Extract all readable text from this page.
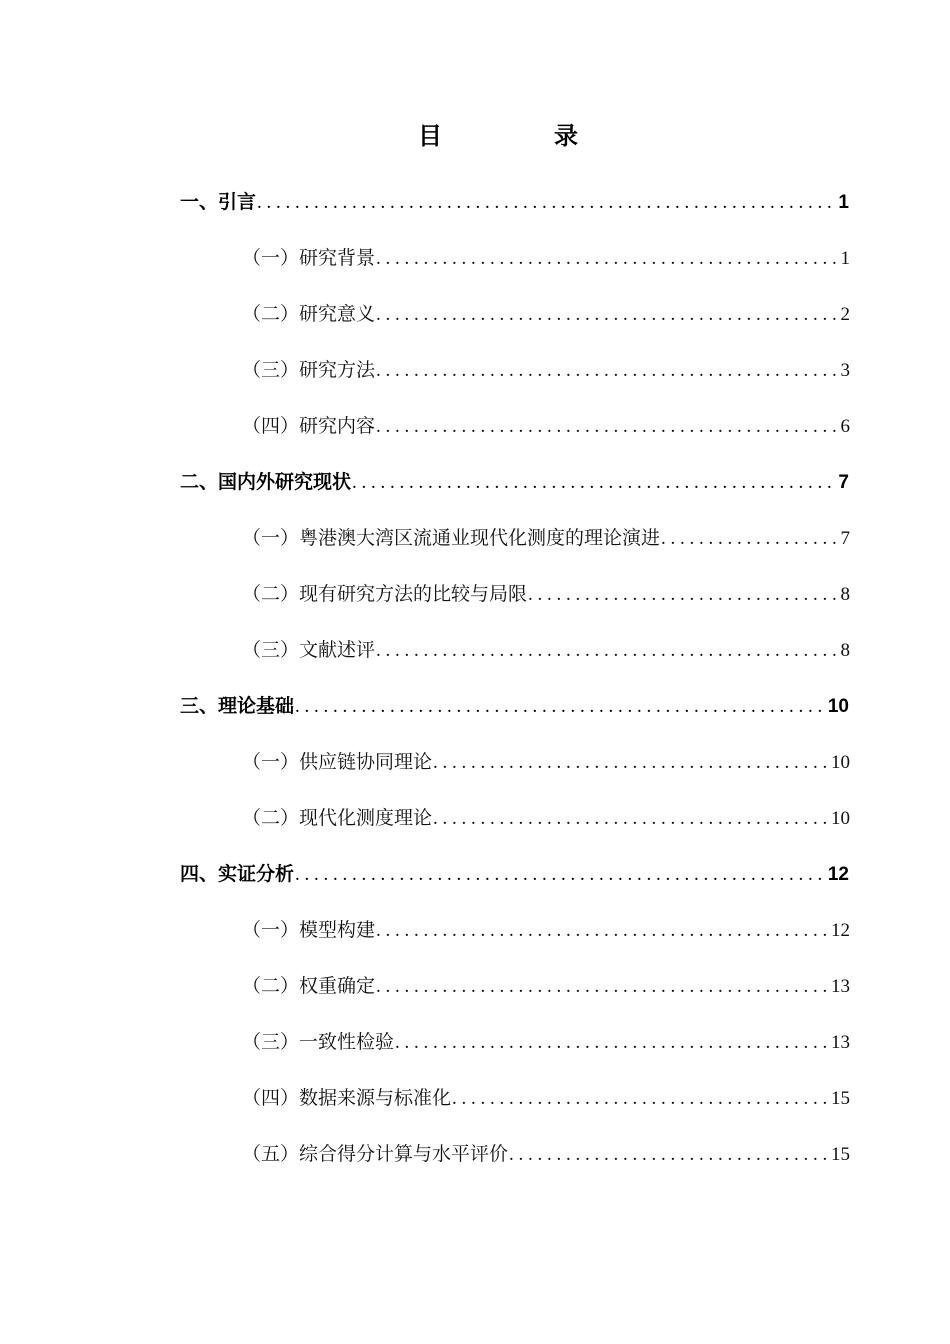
目　录
一、引言 . . .	1
（一）研究背景 . . .	1
（二）研究意义 . . .	2
（三）研究方法 . . .	3
（四）研究内容 . . .	6
二、国内外研究现状 . . .	7
（一）粤港澳大湾区流通业现代化测度的理论演进 . . .	7
（二）现有研究方法的比较与局限 . . .	8
（三）文献述评 . . .	8
三、理论基础 . . .	10
（一）供应链协同理论 . . .	10
（二）现代化测度理论 . . .	10
四、实证分析 . . .	12
（一）模型构建 . . .	12
（二）权重确定 . . .	13
（三）一致性检验 . . .	13
（四）数据来源与标准化 . . .	15
（五）综合得分计算与水平评价 . . .	15
